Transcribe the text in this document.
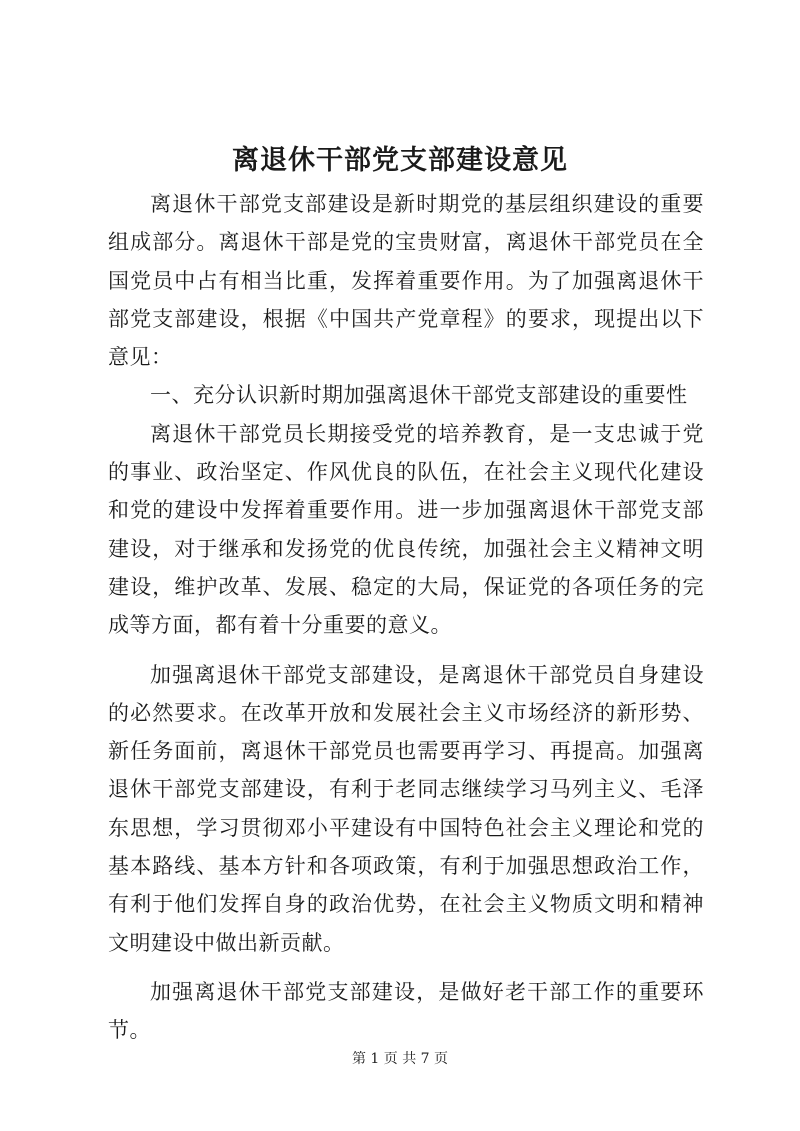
离退休干部党支部建设意见

离退休干部党支部建设是新时期党的基层组织建设的重要组成部分。离退休干部是党的宝贵财富，离退休干部党员在全国党员中占有相当比重，发挥着重要作用。为了加强离退休干部党支部建设，根据《中国共产党章程》的要求，现提出以下意见：

一、充分认识新时期加强离退休干部党支部建设的重要性

离退休干部党员长期接受党的培养教育，是一支忠诚于党的事业、政治坚定、作风优良的队伍，在社会主义现代化建设和党的建设中发挥着重要作用。进一步加强离退休干部党支部建设，对于继承和发扬党的优良传统，加强社会主义精神文明建设，维护改革、发展、稳定的大局，保证党的各项任务的完成等方面，都有着十分重要的意义。

加强离退休干部党支部建设，是离退休干部党员自身建设的必然要求。在改革开放和发展社会主义市场经济的新形势、新任务面前，离退休干部党员也需要再学习、再提高。加强离退休干部党支部建设，有利于老同志继续学习马列主义、毛泽东思想，学习贯彻邓小平建设有中国特色社会主义理论和党的基本路线、基本方针和各项政策，有利于加强思想政治工作，有利于他们发挥自身的政治优势，在社会主义物质文明和精神文明建设中做出新贡献。

加强离退休干部党支部建设，是做好老干部工作的重要环节。

第 1 页 共 7 页
